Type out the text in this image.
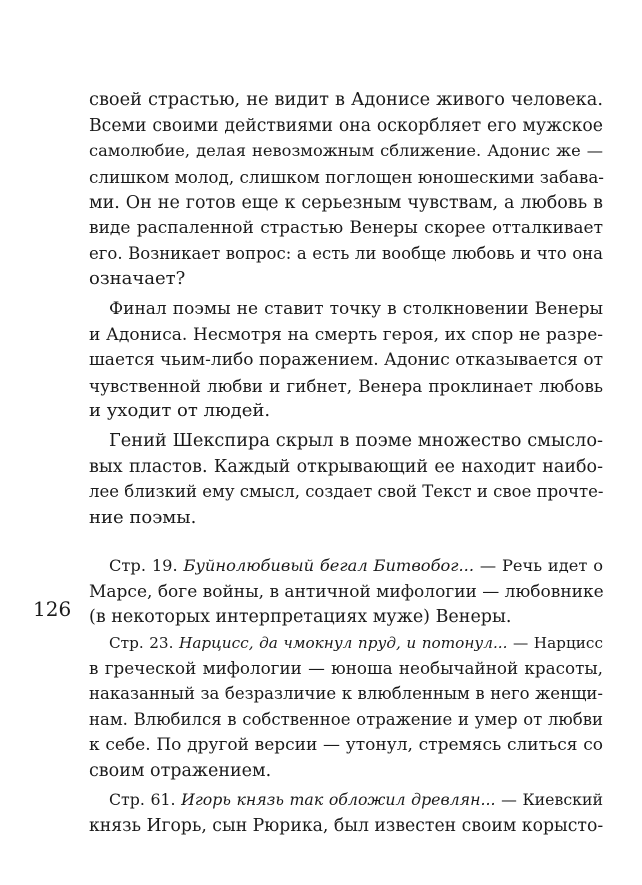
своей страстью, не видит в Адонисе живого человека.
Всеми своими действиями она оскорбляет его мужское
самолюбие, делая невозможным сближение. Адонис же —
слишком молод, слишком поглощен юношескими забава-
ми. Он не готов еще к серьезным чувствам, а любовь в
виде распаленной страстью Венеры скорее отталкивает
его. Возникает вопрос: а есть ли вообще любовь и что она
означает?
Финал поэмы не ставит точку в столкновении Венеры
и Адониса. Несмотря на смерть героя, их спор не разре-
шается чьим-либо поражением. Адонис отказывается от
чувственной любви и гибнет, Венера проклинает любовь
и уходит от людей.
Гений Шекспира скрыл в поэме множество смысло-
вых пластов. Каждый открывающий ее находит наибо-
лее близкий ему смысл, создает свой Текст и свое прочте-
ние поэмы.
126
Стр. 19. Буйнолюбивый бегал Битвобог... — Речь идет о
Марсе, боге войны, в античной мифологии — любовнике
(в некоторых интерпретациях муже) Венеры.
Стр. 23. Нарцисс, да чмокнул пруд, и потонул... — Нарцисс
в греческой мифологии — юноша необычайной красоты,
наказанный за безразличие к влюбленным в него женщи-
нам. Влюбился в собственное отражение и умер от любви
к себе. По другой версии — утонул, стремясь слиться со
своим отражением.
Стр. 61. Игорь князь так обложил древлян... — Киевский
князь Игорь, сын Рюрика, был известен своим корысто-
